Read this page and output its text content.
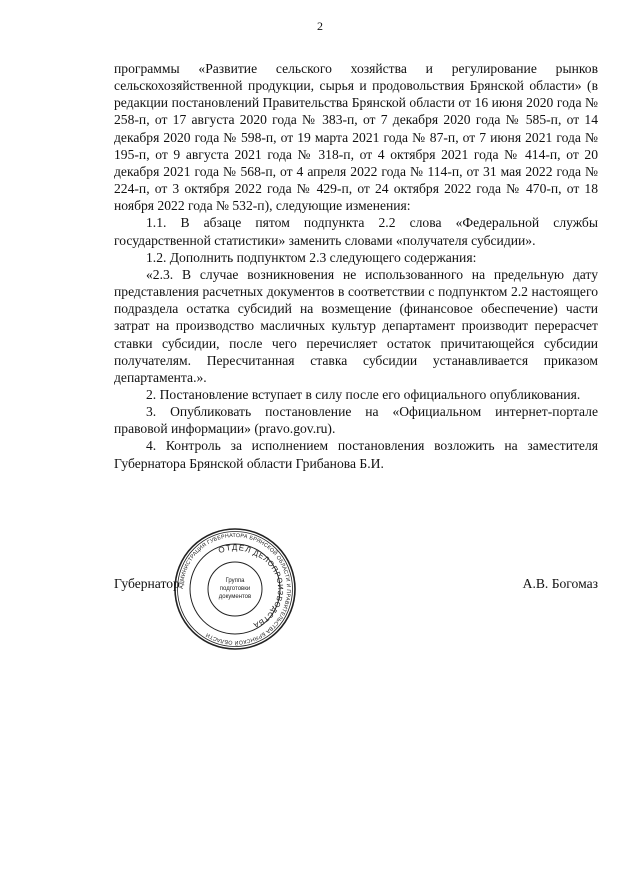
2

программы «Развитие сельского хозяйства и регулирование рынков сельскохозяйственной продукции, сырья и продовольствия Брянской области» (в редакции постановлений Правительства Брянской области от 16 июня 2020 года № 258-п, от 17 августа 2020 года № 383-п, от 7 декабря 2020 года № 585-п, от 14 декабря 2020 года № 598-п, от 19 марта 2021 года № 87-п, от 7 июня 2021 года № 195-п, от 9 августа 2021 года № 318-п, от 4 октября 2021 года № 414-п, от 20 декабря 2021 года № 568-п, от 4 апреля 2022 года № 114-п, от 31 мая 2022 года № 224-п, от 3 октября 2022 года № 429-п, от 24 октября 2022 года № 470-п, от 18 ноября 2022 года № 532-п), следующие изменения:

1.1. В абзаце пятом подпункта 2.2 слова «Федеральной службы государственной статистики» заменить словами «получателя субсидии».

1.2. Дополнить подпунктом 2.3 следующего содержания:

«2.3. В случае возникновения не использованного на предельную дату представления расчетных документов в соответствии с подпунктом 2.2 настоящего подраздела остатка субсидий на возмещение (финансовое обеспечение) части затрат на производство масличных культур департамент производит перерасчет ставки субсидии, после чего перечисляет остаток причитающейся субсидии получателям. Пересчитанная ставка субсидии устанавливается приказом департамента.».

2. Постановление вступает в силу после его официального опубликования.

3. Опубликовать постановление на «Официальном интернет-портале правовой информации» (pravo.gov.ru).

4. Контроль за исполнением постановления возложить на заместителя Губернатора Брянской области Грибанова Б.И.

Губернатор	А.В. Богомаз
АДМИНИСТРАЦИЯ ГУБЕРНАТОРА БРЯНСКОЙ ОБЛАСТИ И ПРАВИТЕЛЬСТВА БРЯНСКОЙ ОБЛАСТИ
ОТДЕЛ
ДЕЛОПРОИЗВОДСТВА
Группа
подготовки
документов
